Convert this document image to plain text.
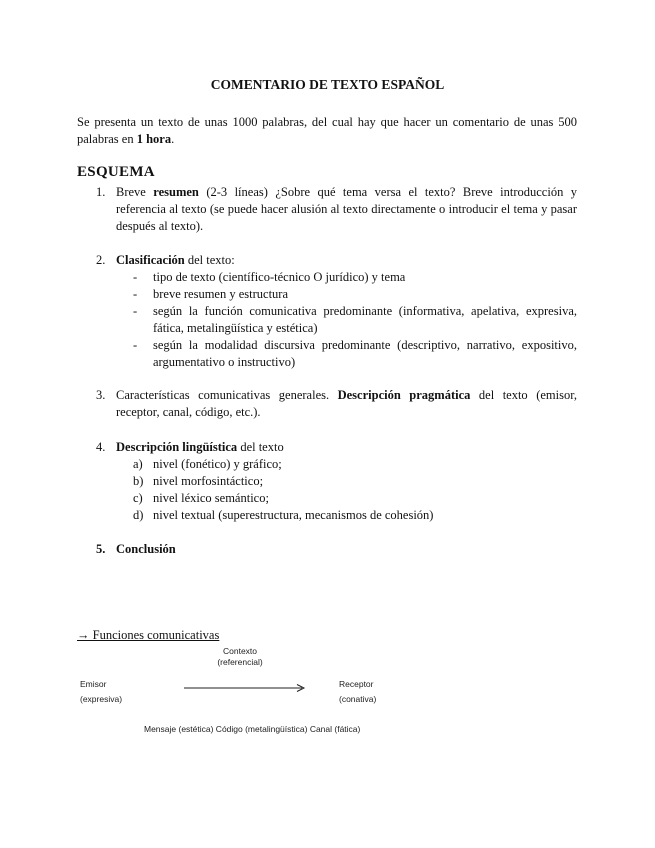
COMENTARIO DE TEXTO ESPAÑOL
Se presenta un texto de unas 1000 palabras, del cual hay que hacer un comentario de unas 500 palabras en 1 hora.
ESQUEMA
1. Breve resumen (2-3 líneas) ¿Sobre qué tema versa el texto? Breve introducción y referencia al texto (se puede hacer alusión al texto directamente o introducir el tema y pasar después al texto).
2. Clasificación del texto:
- tipo de texto (científico-técnico O jurídico) y tema
- breve resumen y estructura
- según la función comunicativa predominante (informativa, apelativa, expresiva, fática, metalingüística y estética)
- según la modalidad discursiva predominante (descriptivo, narrativo, expositivo, argumentativo o instructivo)
3. Características comunicativas generales. Descripción pragmática del texto (emisor, receptor, canal, código, etc.).
4. Descripción lingüística del texto
a) nivel (fonético) y gráfico;
b) nivel morfosintáctico;
c) nivel léxico semántico;
d) nivel textual (superestructura, mecanismos de cohesión)
5. Conclusión
→ Funciones comunicativas
Contexto
(referencial)
Emisor
(expresiva)
Receptor
(conativa)
Mensaje (estética) Código (metalingüística) Canal (fática)
